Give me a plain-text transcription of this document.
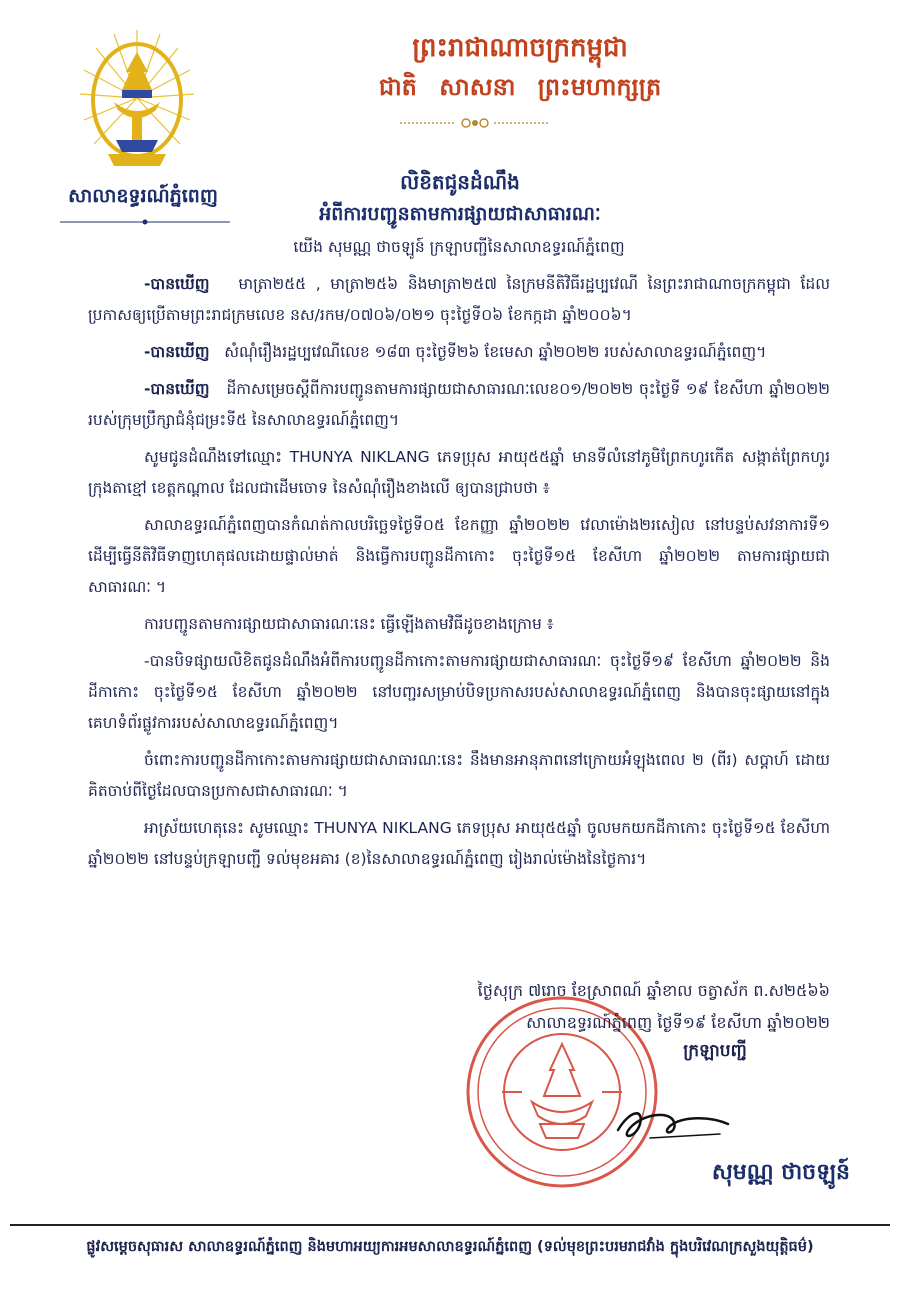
សាលាឧទ្ធរណ៍ភ្នំពេញ
ព្រះរាជាណាចក្រកម្ពុជា
ជាតិ សាសនា ព្រះមហាក្សត្រ
លិខិតជូនដំណឹង
អំពីការបញ្ជូនតាមការផ្សាយជាសាធារណៈ

យើង សុមណ្ណ ថាចឡូន៍ ក្រឡាបញ្ជីនៃសាលាឧទ្ធរណ៍ភ្នំពេញ

-បានឃើញ មាត្រា២៥៥ , មាត្រា២៥៦ និងមាត្រា២៥៧ នៃក្រមនីតិវិធីរដ្ឋប្បវេណី នៃព្រះរាជាណាចក្រកម្ពុជា ដែលប្រកាសឲ្យប្រើតាមព្រះរាជក្រមលេខ នស/រកម/០៧០៦/០២១ ចុះថ្ងៃទី០៦ ខែកក្កដា ឆ្នាំ២០០៦។

-បានឃើញ សំណុំរឿងរដ្ឋប្បវេណីលេខ ១៨៣ ចុះថ្ងៃទី២៦ ខែមេសា ឆ្នាំ២០២២ របស់សាលាឧទ្ធរណ៍ភ្នំពេញ។

-បានឃើញ ដីកាសម្រេចស្តីពីការបញ្ជូនតាមការផ្សាយជាសាធារណៈលេខ០១/២០២២ ចុះថ្ងៃទី ១៩ ខែសីហា ឆ្នាំ២០២២ របស់ក្រុមប្រឹក្សាជំនុំជម្រះទី៥ នៃសាលាឧទ្ធរណ៍ភ្នំពេញ។

សូមជូនដំណឹងទៅឈ្មោះ THUNYA NIKLANG ភេទប្រុស អាយុ៥៥ឆ្នាំ មានទីលំនៅភូមិព្រែកហូរកើត សង្កាត់ព្រែកហូរ ក្រុងតាខ្មៅ ខេត្តកណ្តាល ដែលជាដើមចោទ នៃសំណុំរឿងខាងលើ ឲ្យបានជ្រាបថា ៖

សាលាឧទ្ធរណ៍ភ្នំពេញបានកំណត់កាលបរិច្ឆេទថ្ងៃទី០៥ ខែកញ្ញា ឆ្នាំ២០២២ វេលាម៉ោង២រសៀល នៅបន្ទប់សវនាការទី១ ដើម្បីធ្វើនីតិវិធីទាញហេតុផលដោយផ្ទាល់មាត់ និងធ្វើការបញ្ជូនដីកាកោះ ចុះថ្ងៃទី១៥ ខែសីហា ឆ្នាំ២០២២ តាមការផ្សាយជាសាធារណៈ ។

ការបញ្ជូនតាមការផ្សាយជាសាធារណៈនេះ ធ្វើឡើងតាមវិធីដូចខាងក្រោម ៖

-បានបិទផ្សាយលិខិតជូនដំណឹងអំពីការបញ្ជូនដីកាកោះតាមការផ្សាយជាសាធារណៈ ចុះថ្ងៃទី១៩ ខែសីហា ឆ្នាំ២០២២ និងដីកាកោះ ចុះថ្ងៃទី១៥ ខែសីហា ឆ្នាំ២០២២ នៅបញ្ជរសម្រាប់បិទប្រកាសរបស់សាលាឧទ្ធរណ៍ភ្នំពេញ និងបានចុះផ្សាយនៅក្នុងគេហទំព័រផ្លូវការរបស់សាលាឧទ្ធរណ៍ភ្នំពេញ។

ចំពោះការបញ្ជូនដីកាកោះតាមការផ្សាយជាសាធារណៈនេះ នឹងមានអានុភាពនៅក្រោយអំឡុងពេល ២ (ពីរ) សប្តាហ៍ ដោយគិតចាប់ពីថ្ងៃដែលបានប្រកាសជាសាធារណៈ ។

អាស្រ័យហេតុនេះ សូមឈ្មោះ THUNYA NIKLANG ភេទប្រុស អាយុ៥៥ឆ្នាំ ចូលមកយកដីកាកោះ ចុះថ្ងៃទី១៥ ខែសីហា ឆ្នាំ២០២២ នៅបន្ទប់ក្រឡាបញ្ជី ទល់មុខអគារ (ខ)នៃសាលាឧទ្ធរណ៍ភ្នំពេញ រៀងរាល់ម៉ោងនៃថ្ងៃការ។

ថ្ងៃសុក្រ ៧រោច ខែស្រាពណ៍ ឆ្នាំខាល ចត្វាស័ក ព.ស២៥៦៦
សាលាឧទ្ធរណ៍ភ្នំពេញ ថ្ងៃទី១៩ ខែសីហា ឆ្នាំ២០២២
ក្រឡាបញ្ជី
សុមណ្ណ ថាចឡូន៍
ផ្លូវសម្តេចសុធារស សាលាឧទ្ធរណ៍ភ្នំពេញ និងមហាអយ្យការអមសាលាឧទ្ធរណ៍ភ្នំពេញ (ទល់មុខព្រះបរមរាជវាំង ក្នុងបរិវេណក្រសួងយុត្តិធម៌)
